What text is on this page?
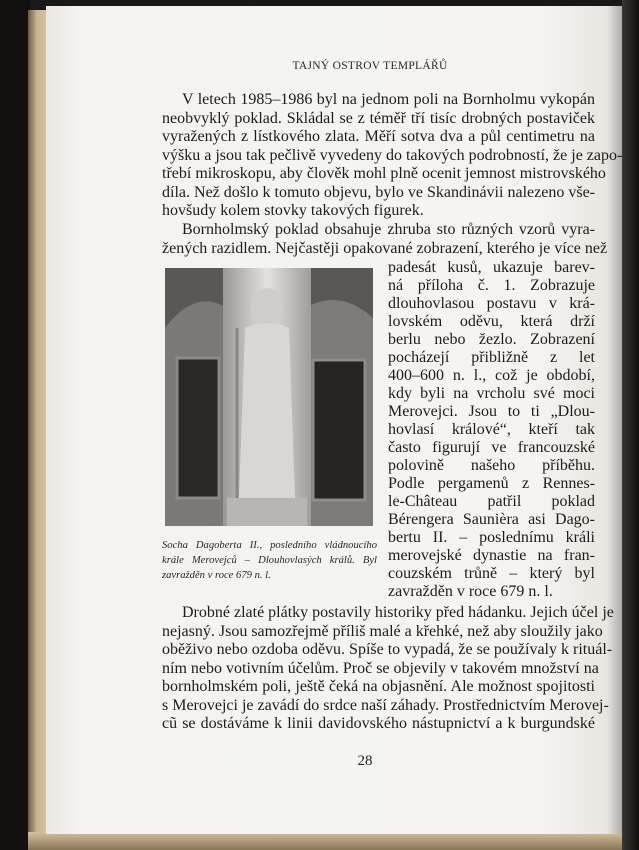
TAJNÝ OSTROV TEMPLÁŘŮ
V letech 1985–1986 byl na jednom poli na Bornholmu vykopán
neobvyklý poklad. Skládal se z téměř tří tisíc drobných postaviček
vyražených z lístkového zlata. Měří sotva dva a půl centimetru na
výšku a jsou tak pečlivě vyvedeny do takových podrobností, že je zapo-
třebí mikroskopu, aby člověk mohl plně ocenit jemnost mistrovského
díla. Než došlo k tomuto objevu, bylo ve Skandinávii nalezeno vše-
hovšudy kolem stovky takových figurek.
Bornholmský poklad obsahuje zhruba sto různých vzorů vyra-
žených razidlem. Nejčastěji opakované zobrazení, kterého je více než
padesát kusů, ukazuje barev-
ná příloha č. 1. Zobrazuje
dlouhovlasou postavu v krá-
lovském oděvu, která drží
berlu nebo žezlo. Zobrazení
pocházejí přibližně z let
400–600 n. l., což je období,
kdy byli na vrcholu své moci
Merovejci. Jsou to ti „Dlou-
hovlasí králové“, kteří tak
často figurují ve francouzské
polovině našeho příběhu.
Podle pergamenů z Rennes-
le-Château patřil poklad
Bérengera Saunièra asi Dago-
bertu II. – poslednímu králi
merovejské dynastie na fran-
couzském trůně – který byl
zavražděn v roce 679 n. l.
Drobné zlaté plátky postavily historiky před hádanku. Jejich účel je
nejasný. Jsou samozřejmě příliš malé a křehké, než aby sloužily jako
oběživo nebo ozdoba oděvu. Spíše to vypadá, že se používaly k rituál-
ním nebo votivním účelům. Proč se objevily v takovém množství na
bornholmském poli, ještě čeká na objasnění. Ale možnost spojitosti
s Merovejci je zavádí do srdce naší záhady. Prostřednictvím Merovej-
cũ se dostáváme k linii davidovského nástupnictví a k burgundské
Socha Dagoberta II., posledního vládnoucího
krále Merovejců – Dlouhovlasých králů. Byl
zavražděn v roce 679 n. l.
28
